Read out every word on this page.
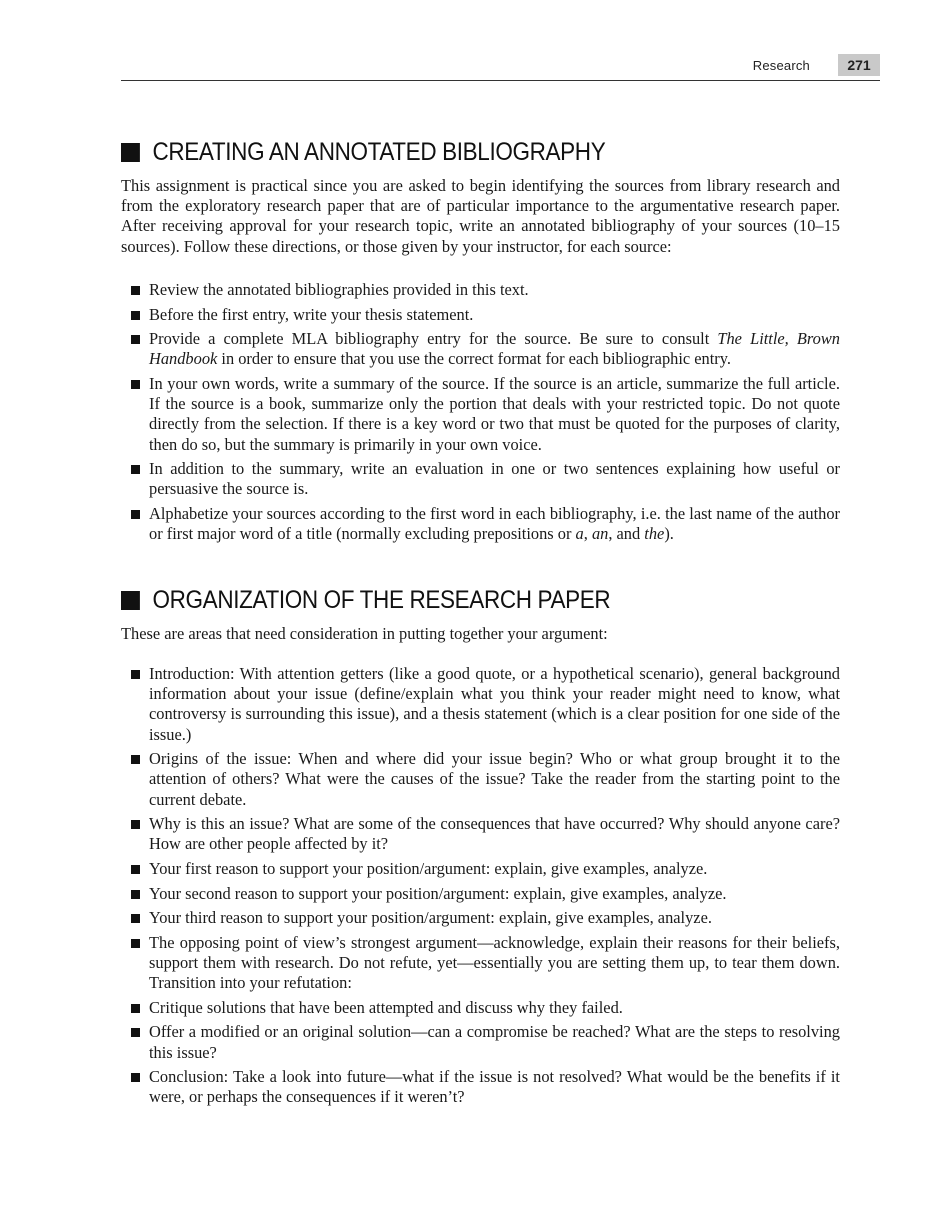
Research	271
CREATING AN ANNOTATED BIBLIOGRAPHY

This assignment is practical since you are asked to begin identifying the sources from library research and from the exploratory research paper that are of particular importance to the argumentative research paper. After receiving approval for your research topic, write an annotated bibliography of your sources (10–15 sources). Follow these directions, or those given by your instructor, for each source:

Review the annotated bibliographies provided in this text.
Before the first entry, write your thesis statement.
Provide a complete MLA bibliography entry for the source. Be sure to consult The Little, Brown Handbook in order to ensure that you use the correct format for each bibliographic entry.
In your own words, write a summary of the source. If the source is an article, summarize the full article. If the source is a book, summarize only the portion that deals with your restricted topic. Do not quote directly from the selection. If there is a key word or two that must be quoted for the purposes of clarity, then do so, but the summary is primarily in your own voice.
In addition to the summary, write an evaluation in one or two sentences explaining how useful or persuasive the source is.
Alphabetize your sources according to the first word in each bibliography, i.e. the last name of the author or first major word of a title (normally excluding prepositions or a, an, and the).
ORGANIZATION OF THE RESEARCH PAPER

These are areas that need consideration in putting together your argument:

Introduction: With attention getters (like a good quote, or a hypothetical scenario), general background information about your issue (define/explain what you think your reader might need to know, what controversy is surrounding this issue), and a thesis statement (which is a clear position for one side of the issue.)
Origins of the issue: When and where did your issue begin? Who or what group brought it to the attention of others? What were the causes of the issue? Take the reader from the starting point to the current debate.
Why is this an issue? What are some of the consequences that have occurred? Why should anyone care? How are other people affected by it?
Your first reason to support your position/argument: explain, give examples, analyze.
Your second reason to support your position/argument: explain, give examples, analyze.
Your third reason to support your position/argument: explain, give examples, analyze.
The opposing point of view’s strongest argument—acknowledge, explain their reasons for their beliefs, support them with research. Do not refute, yet—essentially you are setting them up, to tear them down. Transition into your refutation:
Critique solutions that have been attempted and discuss why they failed.
Offer a modified or an original solution—can a compromise be reached? What are the steps to resolving this issue?
Conclusion: Take a look into future—what if the issue is not resolved? What would be the benefits if it were, or perhaps the consequences if it weren’t?
